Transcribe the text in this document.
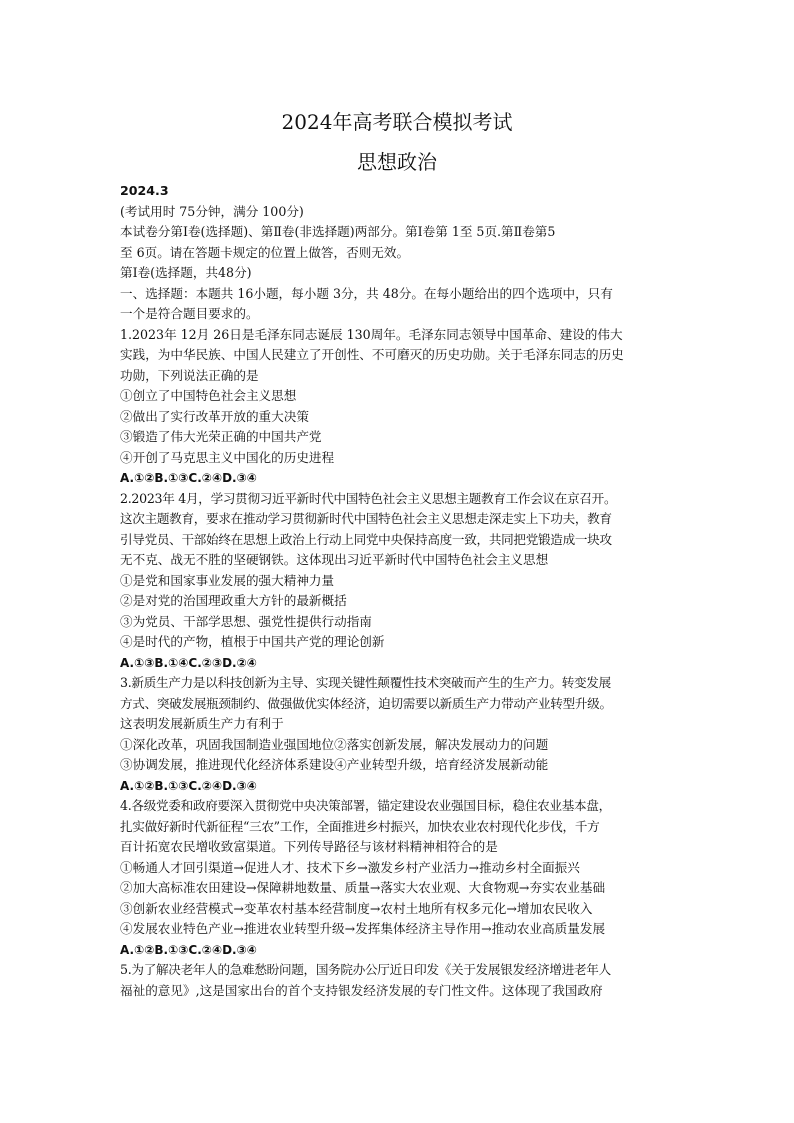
2024年高考联合模拟考试
思想政治
2024.3
(考试用时 75分钟，满分 100分)
本试卷分第Ⅰ卷(选择题)、第Ⅱ卷(非选择题)两部分。第Ⅰ卷第 1至 5页.第Ⅱ卷第5
至 6页。请在答题卡规定的位置上做答，否则无效。
第Ⅰ卷(选择题，共48分)
一、选择题：本题共 16小题，每小题 3分，共 48分。在每小题给出的四个选项中，只有
一个是符合题目要求的。
1.2023年 12月 26日是毛泽东同志诞辰 130周年。毛泽东同志领导中国革命、建设的伟大
实践，为中华民族、中国人民建立了开创性、不可磨灭的历史功勋。关于毛泽东同志的历史
功勋，下列说法正确的是
①创立了中国特色社会主义思想
②做出了实行改革开放的重大决策
③锻造了伟大光荣正确的中国共产党
④开创了马克思主义中国化的历史进程
A.①②B.①③C.②④D.③④
2.2023年 4月，学习贯彻习近平新时代中国特色社会主义思想主题教育工作会议在京召开。
这次主题教育，要求在推动学习贯彻新时代中国特色社会主义思想走深走实上下功夫，教育
引导党员、干部始终在思想上政治上行动上同党中央保持高度一致，共同把党锻造成一块攻
无不克、战无不胜的坚硬钢铁。这体现出习近平新时代中国特色社会主义思想
①是党和国家事业发展的强大精神力量
②是对党的治国理政重大方针的最新概括
③为党员、干部学思想、强党性提供行动指南
④是时代的产物，植根于中国共产党的理论创新
A.①③B.①④C.②③D.②④
3.新质生产力是以科技创新为主导、实现关键性颠覆性技术突破而产生的生产力。转变发展
方式、突破发展瓶颈制约、做强做优实体经济，迫切需要以新质生产力带动产业转型升级。
这表明发展新质生产力有利于
①深化改革，巩固我国制造业强国地位②落实创新发展，解决发展动力的问题
③协调发展，推进现代化经济体系建设④产业转型升级，培育经济发展新动能
A.①②B.①③C.②④D.③④
4.各级党委和政府要深入贯彻党中央决策部署，锚定建设农业强国目标，稳住农业基本盘，
扎实做好新时代新征程“三农”工作，全面推进乡村振兴，加快农业农村现代化步伐，千方
百计拓宽农民增收致富渠道。下列传导路径与该材料精神相符合的是
①畅通人才回引渠道→促进人才、技术下乡→激发乡村产业活力→推动乡村全面振兴
②加大高标准农田建设→保障耕地数量、质量→落实大农业观、大食物观→夯实农业基础
③创新农业经营模式→变革农村基本经营制度→农村土地所有权多元化→增加农民收入
④发展农业特色产业→推进农业转型升级→发挥集体经济主导作用→推动农业高质量发展
A.①②B.①③C.②④D.③④
5.为了解决老年人的急难愁盼问题，国务院办公厅近日印发《关于发展银发经济增进老年人
福祉的意见》,这是国家出台的首个支持银发经济发展的专门性文件。这体现了我国政府
